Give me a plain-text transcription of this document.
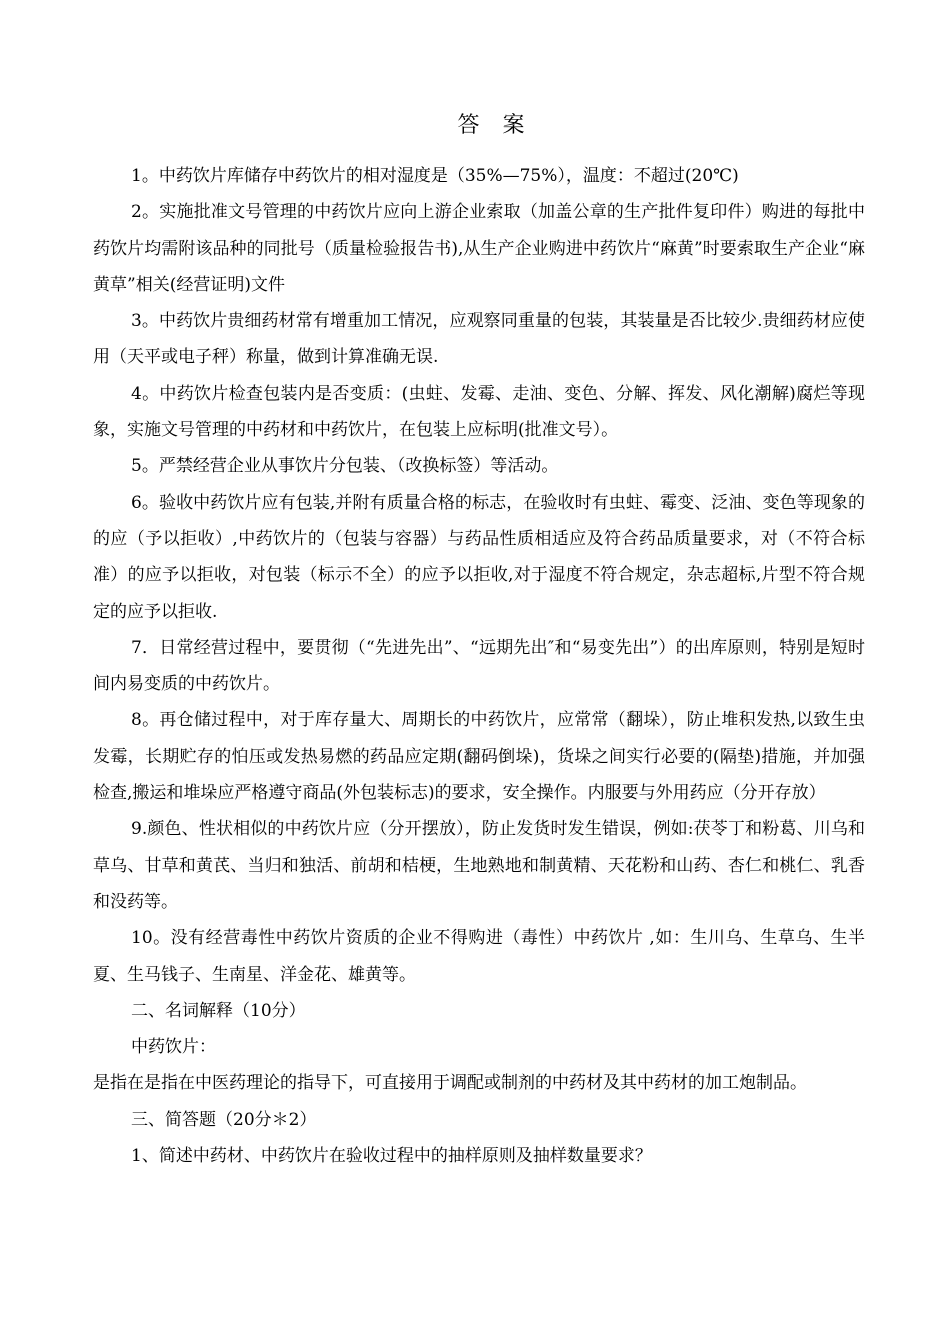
答 案

1。中药饮片库储存中药饮片的相对湿度是（35%—75%），温度：不超过(20℃)

2。实施批准文号管理的中药饮片应向上游企业索取（加盖公章的生产批件复印件）购进的每批中药饮片均需附该品种的同批号（质量检验报告书),从生产企业购进中药饮片“麻黄”时要索取生产企业“麻黄草”相关(经营证明)文件

3。中药饮片贵细药材常有增重加工情况，应观察同重量的包装，其装量是否比较少.贵细药材应使用（天平或电子秤）称量，做到计算准确无误.

4。中药饮片检查包装内是否变质：(虫蛀、发霉、走油、变色、分解、挥发、风化潮解)腐烂等现象，实施文号管理的中药材和中药饮片，在包装上应标明(批准文号）。

5。严禁经营企业从事饮片分包装、（改换标签）等活动。

6。验收中药饮片应有包装,并附有质量合格的标志，在验收时有虫蛀、霉变、泛油、变色等现象的的应（予以拒收）,中药饮片的（包装与容器）与药品性质相适应及符合药品质量要求，对（不符合标准）的应予以拒收，对包装（标示不全）的应予以拒收,对于湿度不符合规定，杂志超标,片型不符合规定的应予以拒收.

7．日常经营过程中，要贯彻（“先进先出”、“远期先出″和“易变先出”）的出库原则，特别是短时间内易变质的中药饮片。

8。再仓储过程中，对于库存量大、周期长的中药饮片，应常常（翻垛），防止堆积发热,以致生虫发霉，长期贮存的怕压或发热易燃的药品应定期(翻码倒垛)，货垛之间实行必要的(隔垫)措施，并加强检查,搬运和堆垛应严格遵守商品(外包装标志)的要求，安全操作。内服要与外用药应（分开存放）

9.颜色、性状相似的中药饮片应（分开摆放），防止发货时发生错误，例如:茯苓丁和粉葛、川乌和草乌、甘草和黄芪、当归和独活、前胡和桔梗，生地熟地和制黄精、天花粉和山药、杏仁和桃仁、乳香和没药等。

10。没有经营毒性中药饮片资质的企业不得购进（毒性）中药饮片 ,如：生川乌、生草乌、生半夏、生马钱子、生南星、洋金花、雄黄等。

二、名词解释（10分）

中药饮片：

是指在是指在中医药理论的指导下，可直接用于调配或制剂的中药材及其中药材的加工炮制品。

三、简答题（20分＊2）

1、简述中药材、中药饮片在验收过程中的抽样原则及抽样数量要求？
